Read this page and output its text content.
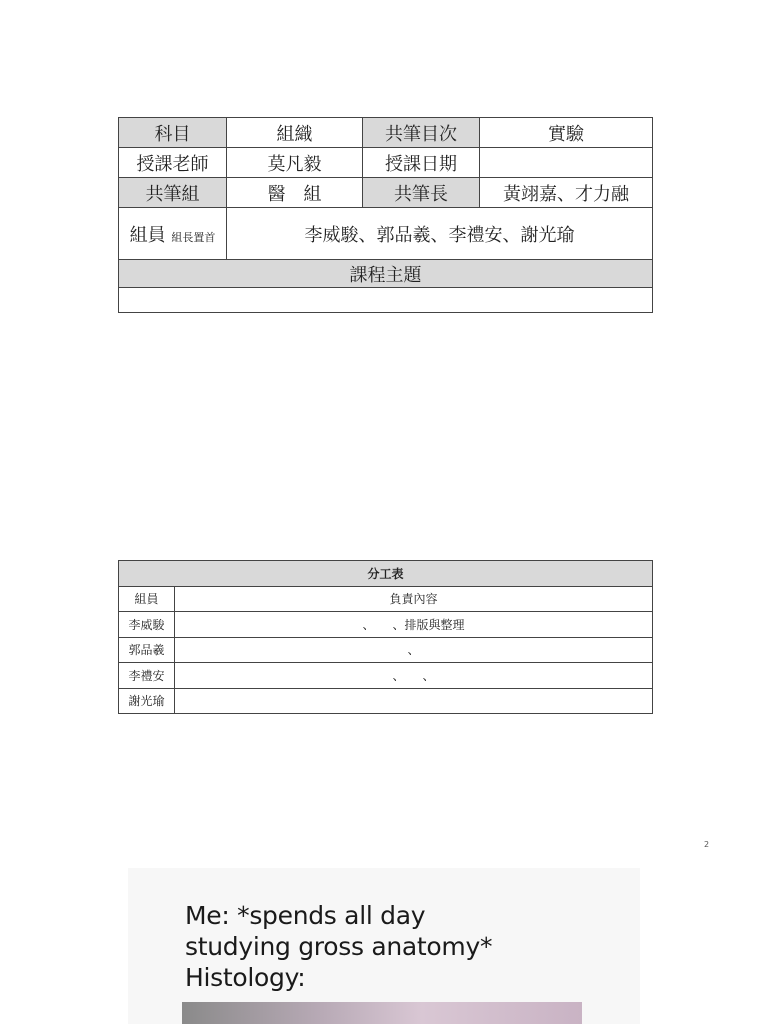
科目	組織	共筆目次	實驗
授課老師	莫凡毅	授課日期	
共筆組	醫　組	共筆長	黃翊嘉、才力融
組員 組長置首	李威駿、郭品羲、李禮安、謝光瑜		
課程主題			

分工表	
組員	負責內容
李威駿	、　　、排版與整理
郭品羲	、
李禮安	、　　、
謝光瑜	
2
Me: *spends all day
studying gross anatomy*
Histology:
